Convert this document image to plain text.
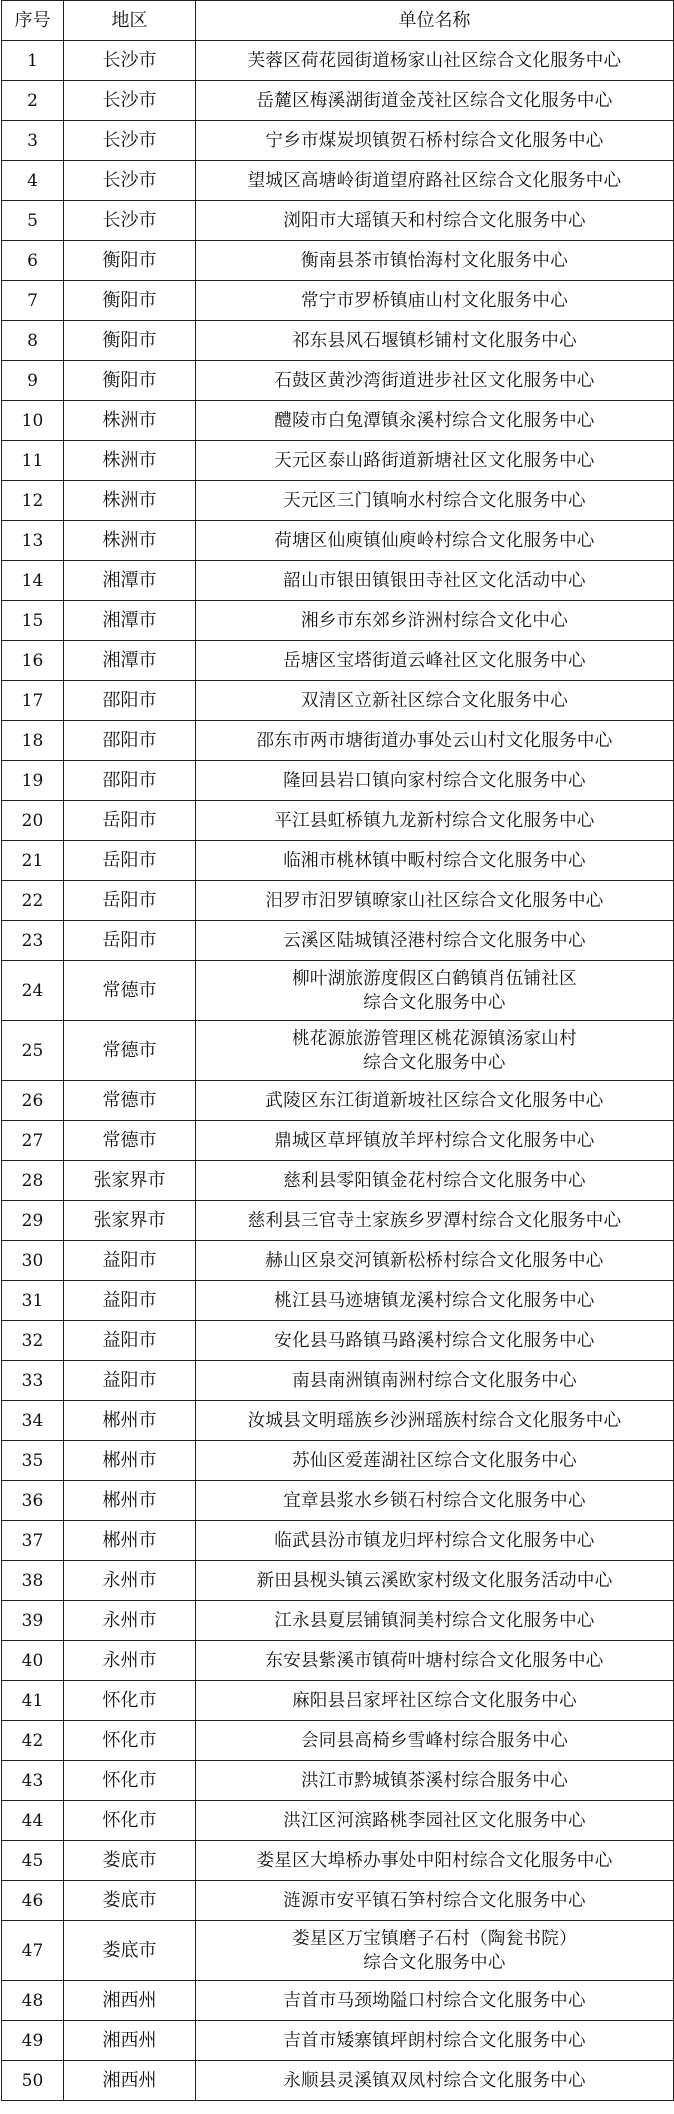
序号	地区	单位名称
1	长沙市	芙蓉区荷花园街道杨家山社区综合文化服务中心
2	长沙市	岳麓区梅溪湖街道金茂社区综合文化服务中心
3	长沙市	宁乡市煤炭坝镇贺石桥村综合文化服务中心
4	长沙市	望城区高塘岭街道望府路社区综合文化服务中心
5	长沙市	浏阳市大瑶镇天和村综合文化服务中心
6	衡阳市	衡南县茶市镇怡海村文化服务中心
7	衡阳市	常宁市罗桥镇庙山村文化服务中心
8	衡阳市	祁东县风石堰镇杉铺村文化服务中心
9	衡阳市	石鼓区黄沙湾街道进步社区文化服务中心
10	株洲市	醴陵市白兔潭镇汆溪村综合文化服务中心
11	株洲市	天元区泰山路街道新塘社区文化服务中心
12	株洲市	天元区三门镇响水村综合文化服务中心
13	株洲市	荷塘区仙庾镇仙庾岭村综合文化服务中心
14	湘潭市	韶山市银田镇银田寺社区文化活动中心
15	湘潭市	湘乡市东郊乡浒洲村综合文化中心
16	湘潭市	岳塘区宝塔街道云峰社区文化服务中心
17	邵阳市	双清区立新社区综合文化服务中心
18	邵阳市	邵东市两市塘街道办事处云山村文化服务中心
19	邵阳市	隆回县岩口镇向家村综合文化服务中心
20	岳阳市	平江县虹桥镇九龙新村综合文化服务中心
21	岳阳市	临湘市桃林镇中畈村综合文化服务中心
22	岳阳市	汨罗市汨罗镇暸家山社区综合文化服务中心
23	岳阳市	云溪区陆城镇泾港村综合文化服务中心
24	常德市	柳叶湖旅游度假区白鹤镇肖伍铺社区
综合文化服务中心

25	常德市	桃花源旅游管理区桃花源镇汤家山村
综合文化服务中心

26	常德市	武陵区东江街道新坡社区综合文化服务中心
27	常德市	鼎城区草坪镇放羊坪村综合文化服务中心
28	张家界市	慈利县零阳镇金花村综合文化服务中心
29	张家界市	慈利县三官寺土家族乡罗潭村综合文化服务中心
30	益阳市	赫山区泉交河镇新松桥村综合文化服务中心
31	益阳市	桃江县马迹塘镇龙溪村综合文化服务中心
32	益阳市	安化县马路镇马路溪村综合文化服务中心
33	益阳市	南县南洲镇南洲村综合文化服务中心
34	郴州市	汝城县文明瑶族乡沙洲瑶族村综合文化服务中心
35	郴州市	苏仙区爱莲湖社区综合文化服务中心
36	郴州市	宜章县浆水乡锁石村综合文化服务中心
37	郴州市	临武县汾市镇龙归坪村综合文化服务中心
38	永州市	新田县枧头镇云溪欧家村级文化服务活动中心
39	永州市	江永县夏层铺镇洞美村综合文化服务中心
40	永州市	东安县紫溪市镇荷叶塘村综合文化服务中心
41	怀化市	麻阳县吕家坪社区综合文化服务中心
42	怀化市	会同县高椅乡雪峰村综合服务中心
43	怀化市	洪江市黔城镇茶溪村综合服务中心
44	怀化市	洪江区河滨路桃李园社区文化服务中心
45	娄底市	娄星区大埠桥办事处中阳村综合文化服务中心
46	娄底市	涟源市安平镇石笋村综合文化服务中心
47	娄底市	娄星区万宝镇磨子石村（陶瓮书院）
综合文化服务中心

48	湘西州	吉首市马颈坳隘口村综合文化服务中心
49	湘西州	吉首市矮寨镇坪朗村综合文化服务中心
50	湘西州	永顺县灵溪镇双凤村综合文化服务中心
